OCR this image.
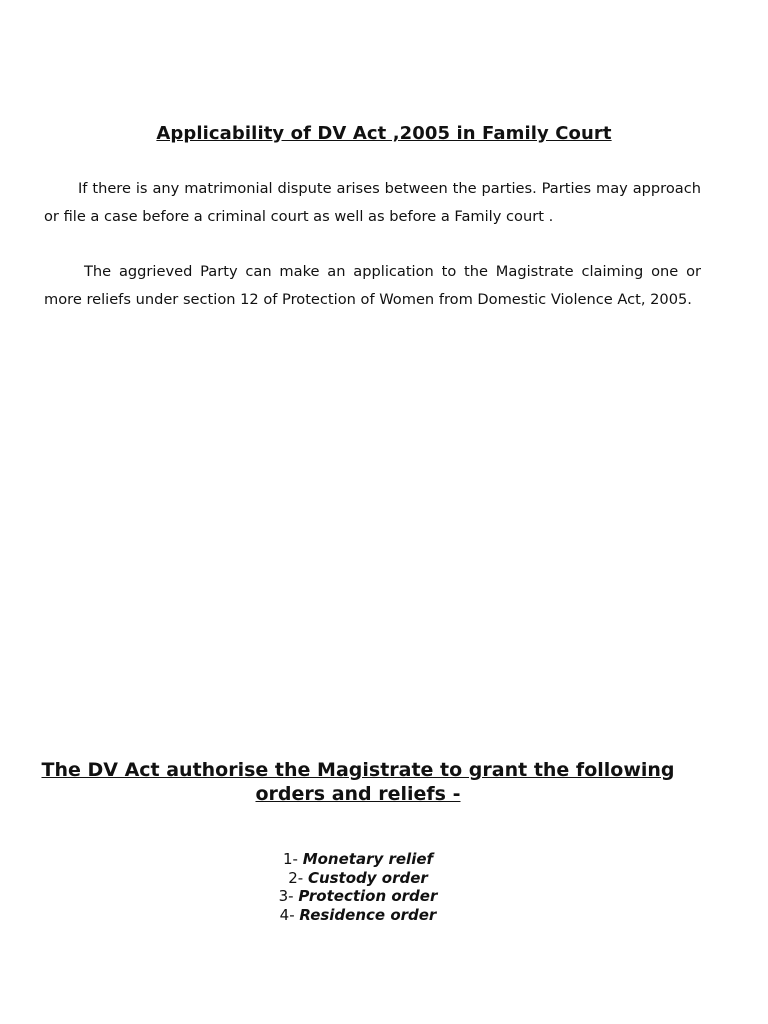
Applicability of DV Act ,2005 in Family Court

If there is any matrimonial dispute arises between the parties. Parties may approach or file a case before a criminal court as well as before a Family court .

The aggrieved Party can make an application to the Magistrate claiming one or more reliefs under section 12 of Protection of Women from Domestic Violence Act, 2005.

The DV Act authorise the Magistrate to grant the following orders and reliefs -
1- Monetary relief
2- Custody order
3- Protection order
4- Residence order
